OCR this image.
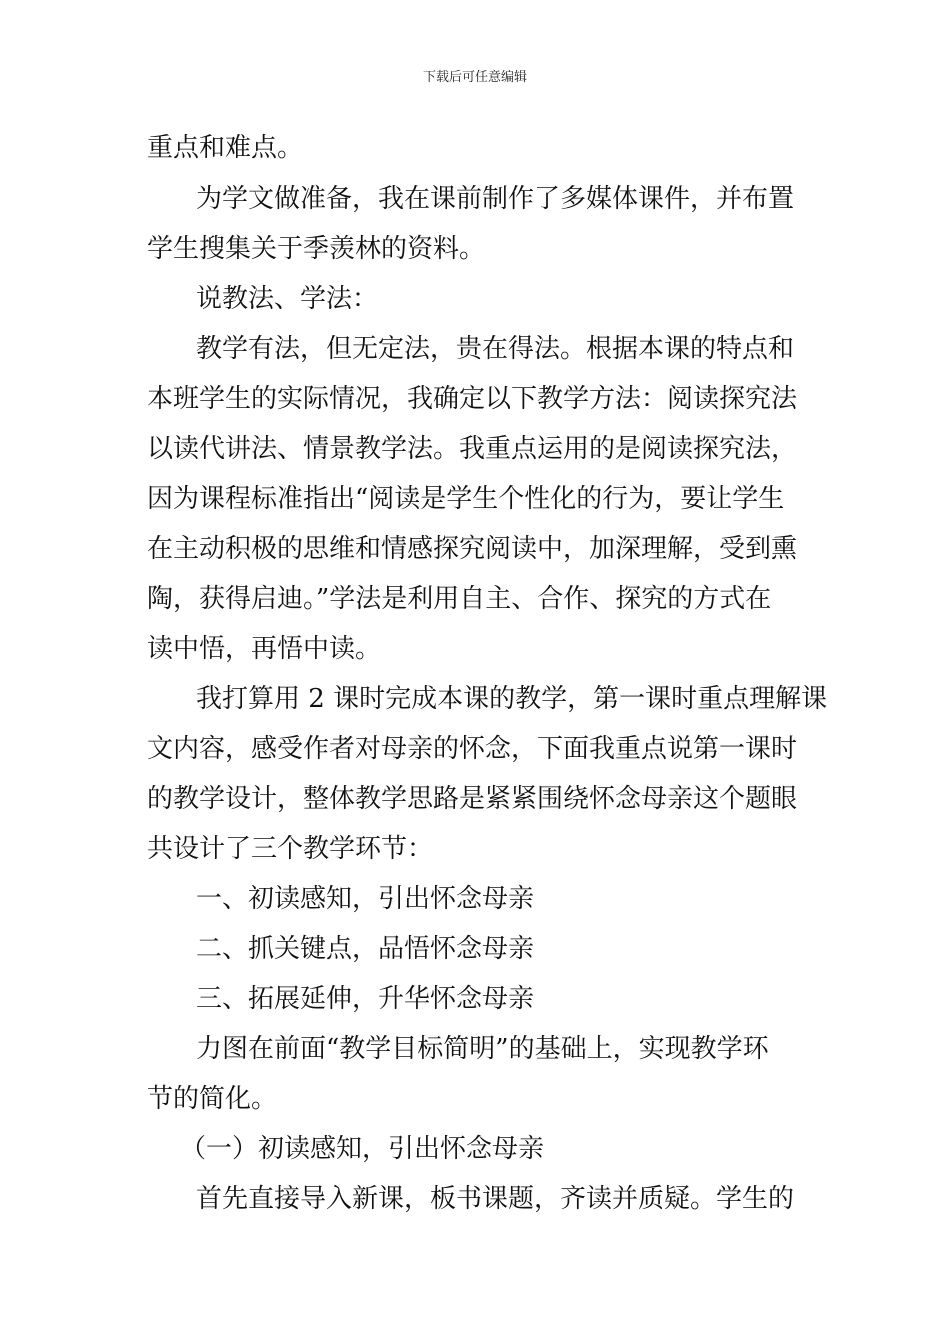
下载后可任意编辑
重点和难点。
为学文做准备，我在课前制作了多媒体课件，并布置
学生搜集关于季羡林的资料。
说教法、学法：
教学有法，但无定法，贵在得法。根据本课的特点和
本班学生的实际情况，我确定以下教学方法：阅读探究法
以读代讲法、情景教学法。我重点运用的是阅读探究法，
因为课程标准指出“阅读是学生个性化的行为，要让学生
在主动积极的思维和情感探究阅读中，加深理解，受到熏
陶，获得启迪。”学法是利用自主、合作、探究的方式在
读中悟，再悟中读。
我打算用 2 课时完成本课的教学，第一课时重点理解课
文内容，感受作者对母亲的怀念，下面我重点说第一课时
的教学设计，整体教学思路是紧紧围绕怀念母亲这个题眼
共设计了三个教学环节：
一、初读感知，引出怀念母亲
二、抓关键点，品悟怀念母亲
三、拓展延伸，升华怀念母亲
力图在前面“教学目标简明”的基础上，实现教学环
节的简化。
（一）初读感知，引出怀念母亲
首先直接导入新课，板书课题，齐读并质疑。学生的
